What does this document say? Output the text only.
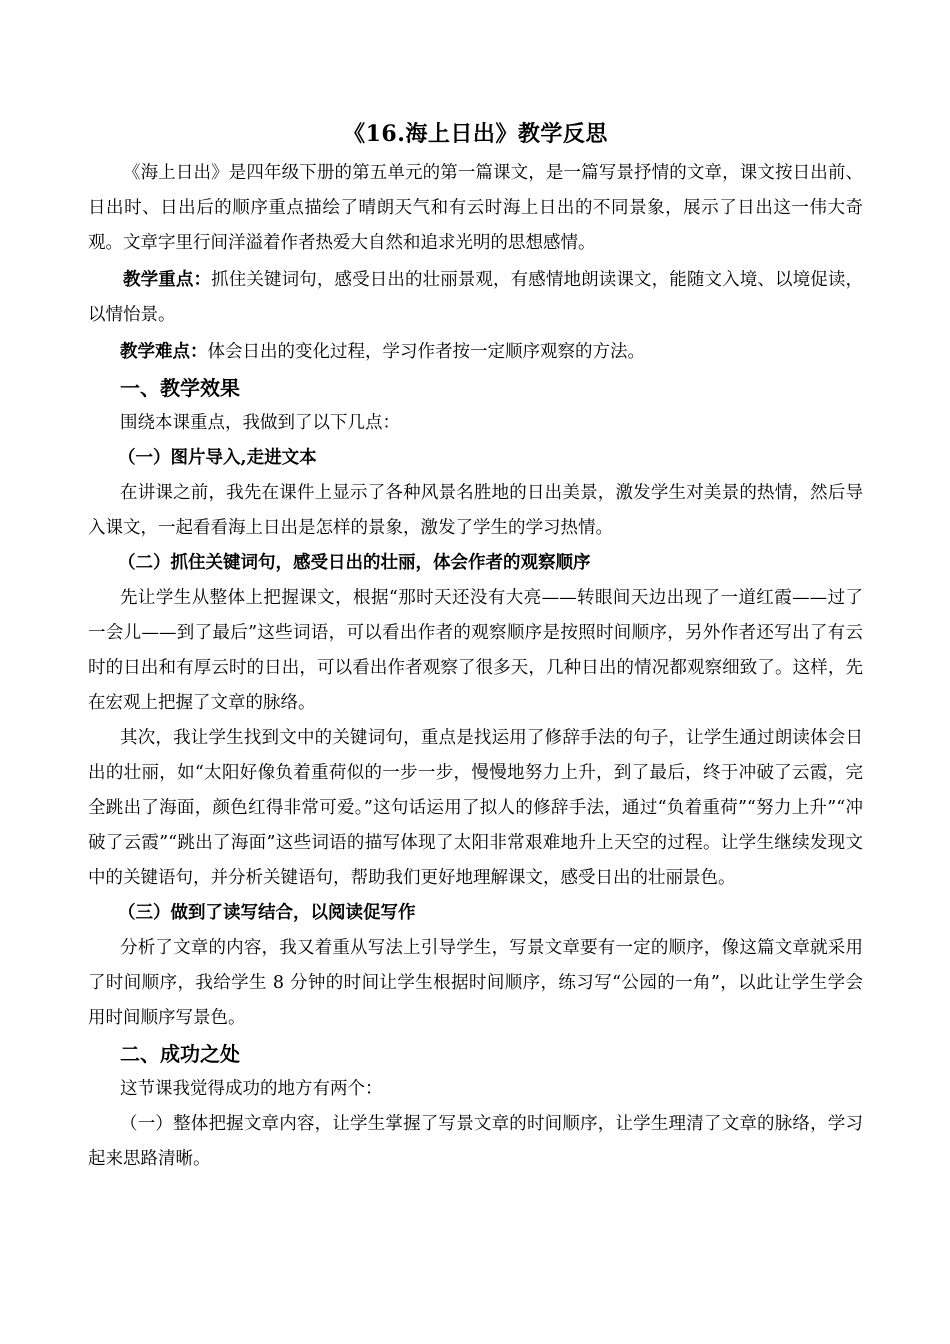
《16.海上日出》教学反思

《海上日出》是四年级下册的第五单元的第一篇课文，是一篇写景抒情的文章，课文按日出前、日出时、日出后的顺序重点描绘了晴朗天气和有云时海上日出的不同景象，展示了日出这一伟大奇观。文章字里行间洋溢着作者热爱大自然和追求光明的思想感情。

教学重点：抓住关键词句，感受日出的壮丽景观，有感情地朗读课文，能随文入境、以境促读，以情怡景。

教学难点：体会日出的变化过程，学习作者按一定顺序观察的方法。

一、教学效果

围绕本课重点，我做到了以下几点：

（一）图片导入,走进文本

在讲课之前，我先在课件上显示了各种风景名胜地的日出美景，激发学生对美景的热情，然后导入课文，一起看看海上日出是怎样的景象，激发了学生的学习热情。

（二）抓住关键词句，感受日出的壮丽，体会作者的观察顺序

先让学生从整体上把握课文，根据“那时天还没有大亮——转眼间天边出现了一道红霞——过了一会儿——到了最后”这些词语，可以看出作者的观察顺序是按照时间顺序，另外作者还写出了有云时的日出和有厚云时的日出，可以看出作者观察了很多天，几种日出的情况都观察细致了。这样，先在宏观上把握了文章的脉络。

其次，我让学生找到文中的关键词句，重点是找运用了修辞手法的句子，让学生通过朗读体会日出的壮丽，如“太阳好像负着重荷似的一步一步，慢慢地努力上升，到了最后，终于冲破了云霞，完全跳出了海面，颜色红得非常可爱。”这句话运用了拟人的修辞手法，通过“负着重荷”“努力上升”“冲破了云霞”“跳出了海面”这些词语的描写体现了太阳非常艰难地升上天空的过程。让学生继续发现文中的关键语句，并分析关键语句，帮助我们更好地理解课文，感受日出的壮丽景色。

（三）做到了读写结合，以阅读促写作

分析了文章的内容，我又着重从写法上引导学生，写景文章要有一定的顺序，像这篇文章就采用了时间顺序，我给学生 8 分钟的时间让学生根据时间顺序，练习写“公园的一角”，以此让学生学会用时间顺序写景色。

二、成功之处

这节课我觉得成功的地方有两个：

（一）整体把握文章内容，让学生掌握了写景文章的时间顺序，让学生理清了文章的脉络，学习起来思路清晰。
